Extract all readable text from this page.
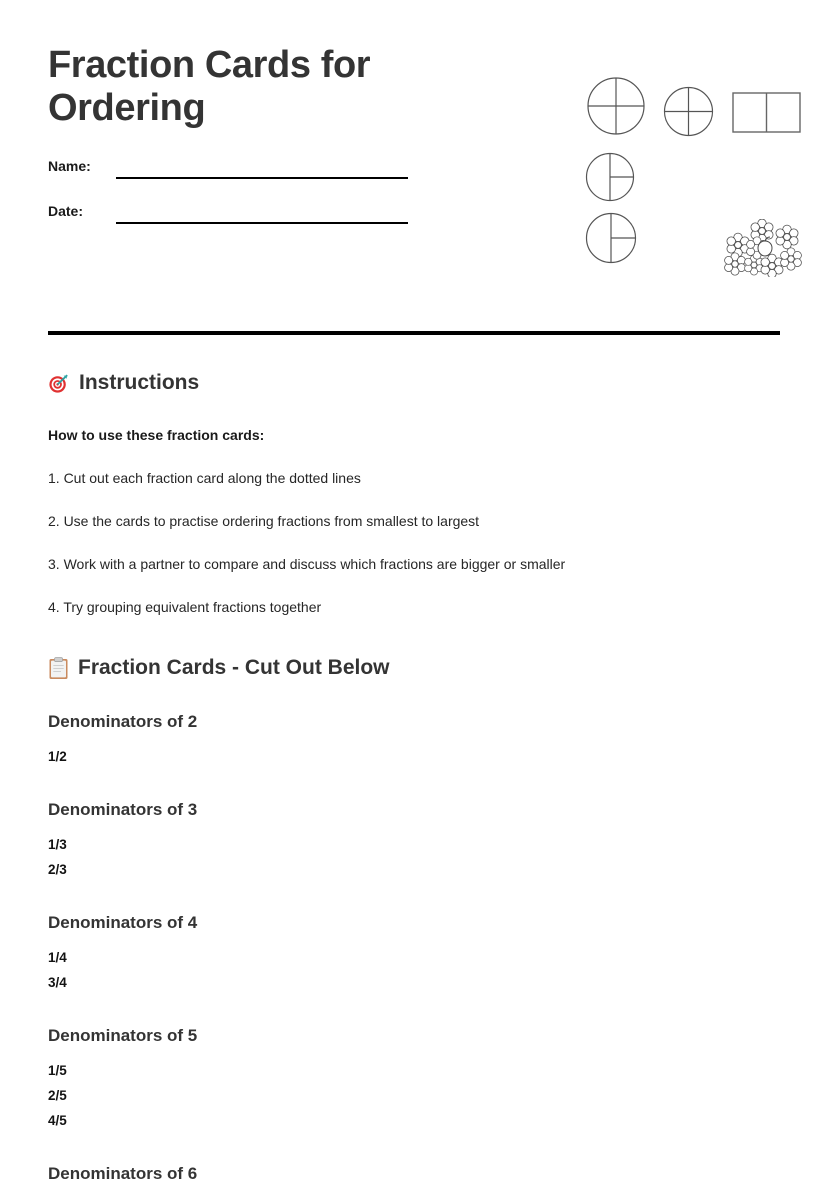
Fraction Cards for Ordering
Name:
Date:
Instructions

How to use these fraction cards:

1. Cut out each fraction card along the dotted lines

2. Use the cards to practise ordering fractions from smallest to largest

3. Work with a partner to compare and discuss which fractions are bigger or smaller

4. Try grouping equivalent fractions together

Fraction Cards - Cut Out Below
Denominators of 2

1/2

Denominators of 3

1/3

2/3

Denominators of 4

1/4

3/4

Denominators of 5

1/5

2/5

4/5

Denominators of 6
